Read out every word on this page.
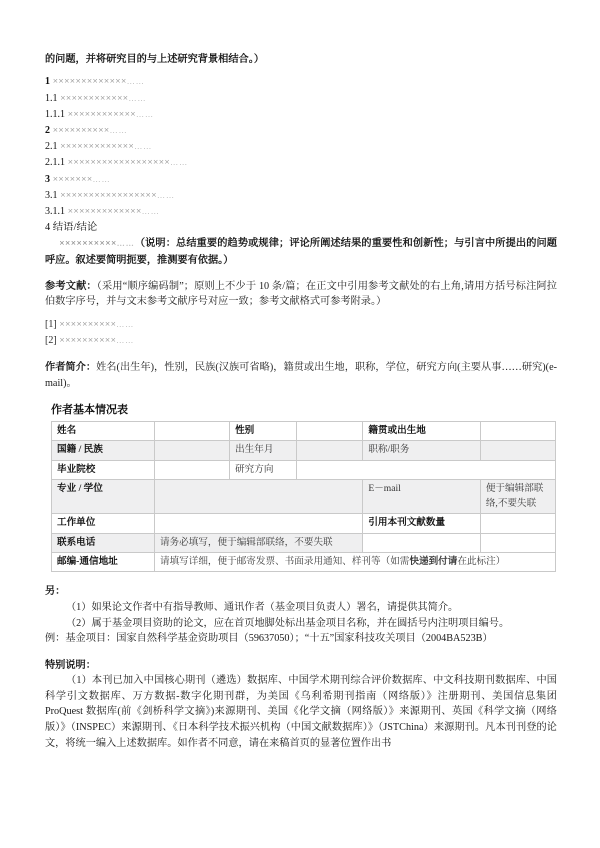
的问题，并将研究目的与上述研究背景相结合。）

1 ×××××××××××××……

1.1 ××××××××××××……

1.1.1 ××××××××××××……

2 ××××××××××……

2.1 ×××××××××××××……

2.1.1 ××××××××××××××××××……

3 ×××××××……

3.1 ×××××××××××××××××……

3.1.1 ×××××××××××××……

4 结语/结论

××××××××××……（说明：总结重要的趋势或规律；评论所阐述结果的重要性和创新性；与引言中所提出的问题呼应。叙述要简明扼要，推测要有依据。）

参考文献：（采用“顺序编码制”；原则上不少于 10 条/篇；在正文中引用参考文献处的右上角,请用方括号标注阿拉伯数字序号，并与文末参考文献序号对应一致；参考文献格式可参考附录。）

[1] ××××××××××……

[2] ××××××××××……

作者简介：姓名(出生年)，性别，民族(汉族可省略)，籍贯或出生地，职称，学位，研究方向(主要从事……研究)(e-mail)。

作者基本情况表

姓名		性别		籍贯或出生地	
国籍 / 民族		出生年月		职称/职务	
毕业院校		研究方向			
专业 / 学位				E－mail	便于编辑部联络,不要失联
工作单位				引用本刊文献数量	
联系电话	请务必填写，便于编辑部联络，不要失联				
邮编-通信地址	请填写详细，便于邮寄发票、书面录用通知、样刊等（如需快递到付请在此标注）				

另：

（1）如果论文作者中有指导教师、通讯作者（基金项目负责人）署名，请提供其简介。

（2）属于基金项目资助的论文，应在首页地脚处标出基金项目名称，并在圆括号内注明项目编号。

例：基金项目：国家自然科学基金资助项目（59637050）；“十五”国家科技攻关项目（2004BA523B）

特别说明：

（1）本刊已加入中国核心期刊（遴选）数据库、中国学术期刊综合评价数据库、中文科技期刊数据库、中国科学引文数据库、万方数据-数字化期刊群，为美国《乌利希期刊指南（网络版）》注册期刊、美国信息集团 ProQuest 数据库(前《剑桥科学文摘》)来源期刊、美国《化学文摘（网络版）》来源期刊、英国《科学文摘（网络版）》（INSPEC）来源期刊、《日本科学技术振兴机构（中国文献数据库）》（JSTChina）来源期刊。凡本刊刊登的论文，将统一编入上述数据库。如作者不同意，请在来稿首页的显著位置作出书
